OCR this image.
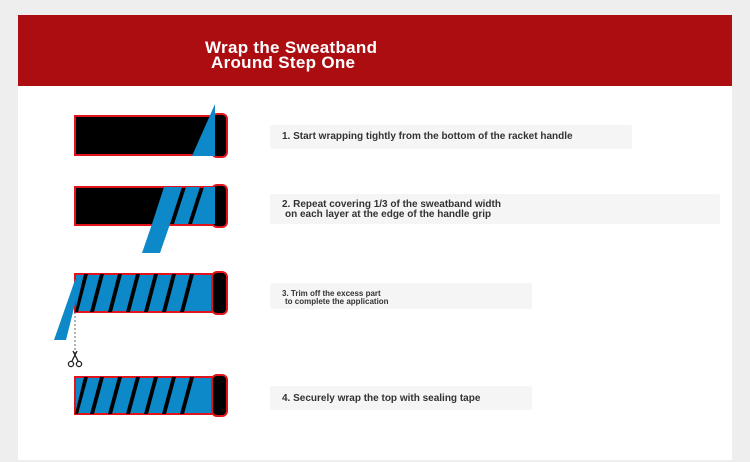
Wrap the Sweatband
Around Step One
1. Start wrapping tightly from the bottom of the racket handle
2. Repeat covering 1/3 of the sweatband width
on each layer at the edge of the handle grip
3. Trim off the excess part
to complete the application
4. Securely wrap the top with sealing tape
